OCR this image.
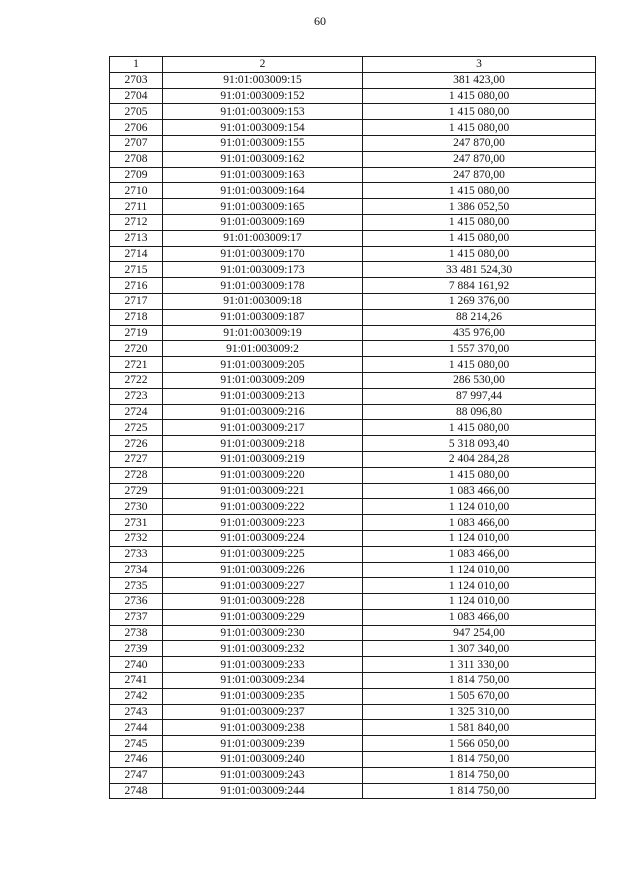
60
1	2	3
2703	91:01:003009:15	381 423,00
2704	91:01:003009:152	1 415 080,00
2705	91:01:003009:153	1 415 080,00
2706	91:01:003009:154	1 415 080,00
2707	91:01:003009:155	247 870,00
2708	91:01:003009:162	247 870,00
2709	91:01:003009:163	247 870,00
2710	91:01:003009:164	1 415 080,00
2711	91:01:003009:165	1 386 052,50
2712	91:01:003009:169	1 415 080,00
2713	91:01:003009:17	1 415 080,00
2714	91:01:003009:170	1 415 080,00
2715	91:01:003009:173	33 481 524,30
2716	91:01:003009:178	7 884 161,92
2717	91:01:003009:18	1 269 376,00
2718	91:01:003009:187	88 214,26
2719	91:01:003009:19	435 976,00
2720	91:01:003009:2	1 557 370,00
2721	91:01:003009:205	1 415 080,00
2722	91:01:003009:209	286 530,00
2723	91:01:003009:213	87 997,44
2724	91:01:003009:216	88 096,80
2725	91:01:003009:217	1 415 080,00
2726	91:01:003009:218	5 318 093,40
2727	91:01:003009:219	2 404 284,28
2728	91:01:003009:220	1 415 080,00
2729	91:01:003009:221	1 083 466,00
2730	91:01:003009:222	1 124 010,00
2731	91:01:003009:223	1 083 466,00
2732	91:01:003009:224	1 124 010,00
2733	91:01:003009:225	1 083 466,00
2734	91:01:003009:226	1 124 010,00
2735	91:01:003009:227	1 124 010,00
2736	91:01:003009:228	1 124 010,00
2737	91:01:003009:229	1 083 466,00
2738	91:01:003009:230	947 254,00
2739	91:01:003009:232	1 307 340,00
2740	91:01:003009:233	1 311 330,00
2741	91:01:003009:234	1 814 750,00
2742	91:01:003009:235	1 505 670,00
2743	91:01:003009:237	1 325 310,00
2744	91:01:003009:238	1 581 840,00
2745	91:01:003009:239	1 566 050,00
2746	91:01:003009:240	1 814 750,00
2747	91:01:003009:243	1 814 750,00
2748	91:01:003009:244	1 814 750,00
